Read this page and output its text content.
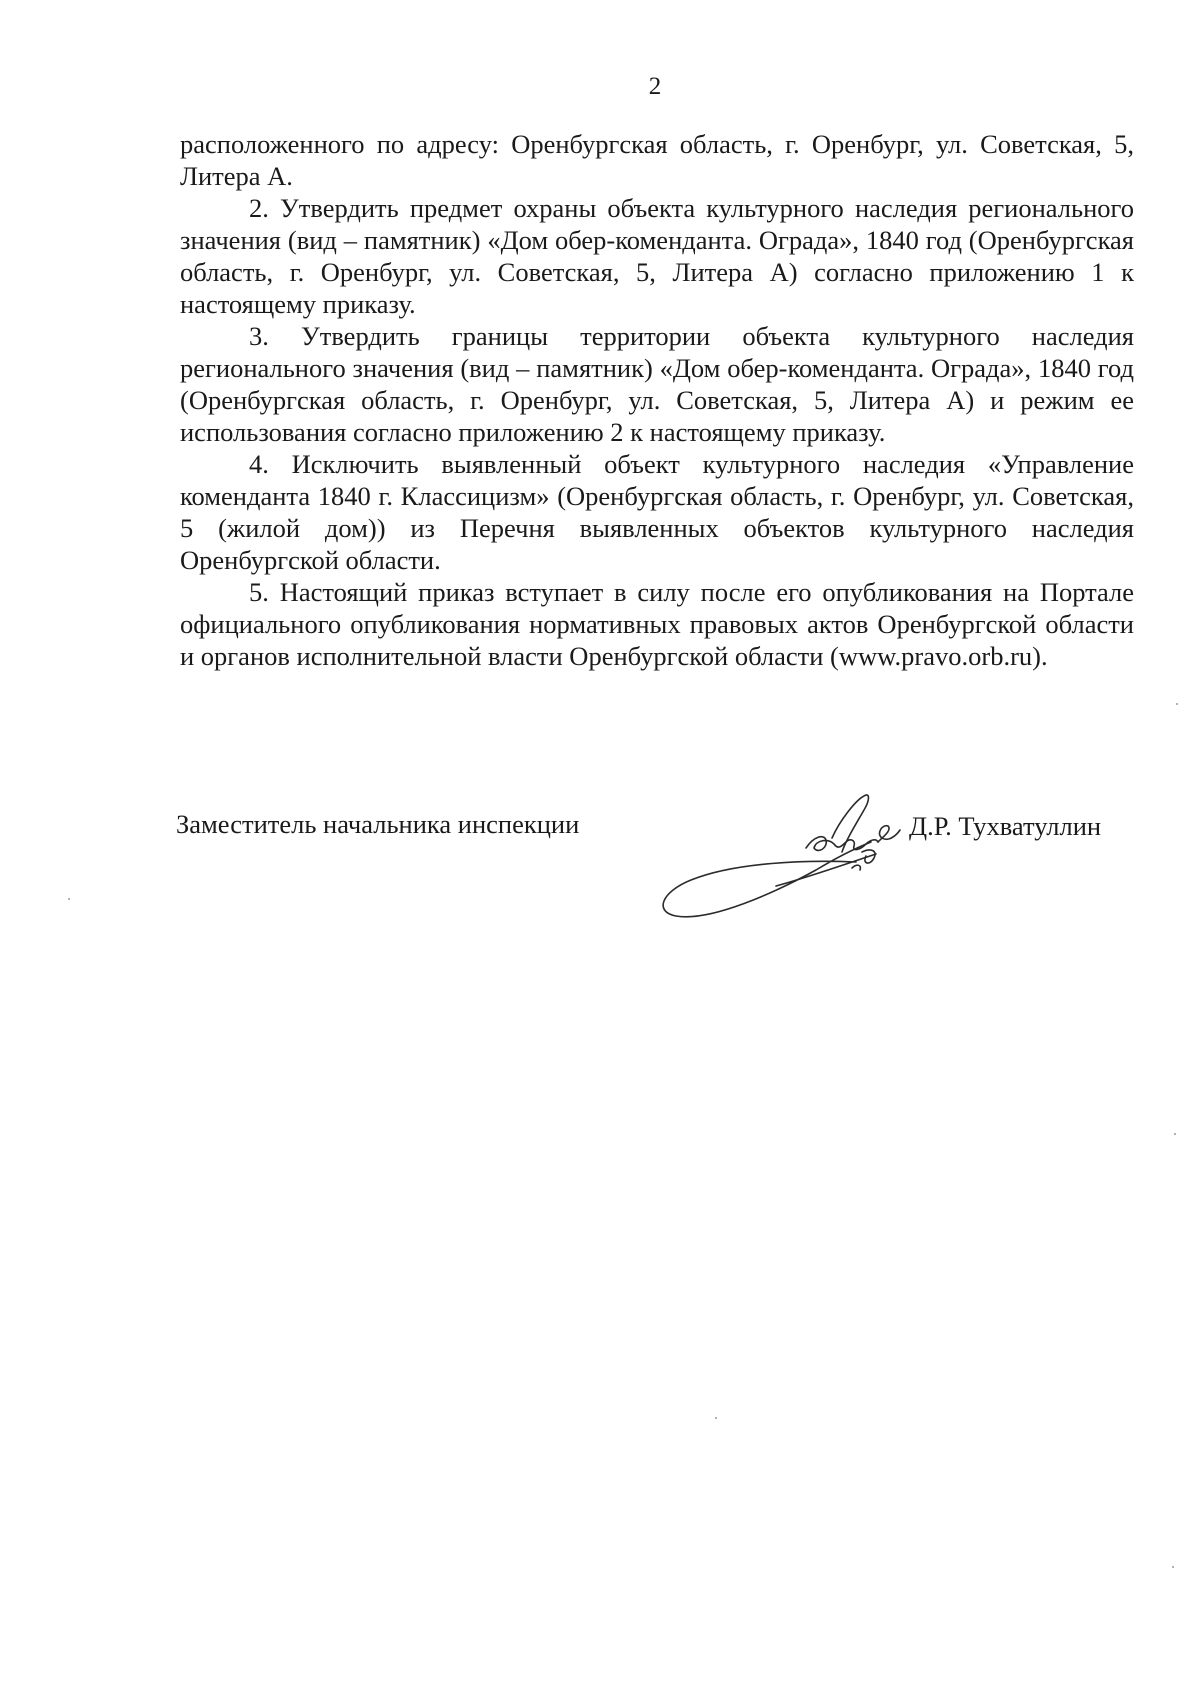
2

расположенного по адресу: Оренбургская область, г. Оренбург, ул. Советская, 5, Литера А.

2. Утвердить предмет охраны объекта культурного наследия регионального значения (вид – памятник) «Дом обер-коменданта. Ограда», 1840 год (Оренбургская область, г. Оренбург, ул. Советская, 5, Литера А) согласно приложению 1 к настоящему приказу.

3. Утвердить границы территории объекта культурного наследия регионального значения (вид – памятник) «Дом обер-коменданта. Ограда», 1840 год (Оренбургская область, г. Оренбург, ул. Советская, 5, Литера А) и режим ее использования согласно приложению 2 к настоящему приказу.

4. Исключить выявленный объект культурного наследия «Управление коменданта 1840 г. Классицизм» (Оренбургская область, г. Оренбург, ул. Советская, 5 (жилой дом)) из Перечня выявленных объектов культурного наследия Оренбургской области.

5. Настоящий приказ вступает в силу после его опубликования на Портале официального опубликования нормативных правовых актов Оренбургской области и органов исполнительной власти Оренбургской области (www.pravo.orb.ru).

Заместитель начальника инспекции	Д.Р. Тухватуллин
